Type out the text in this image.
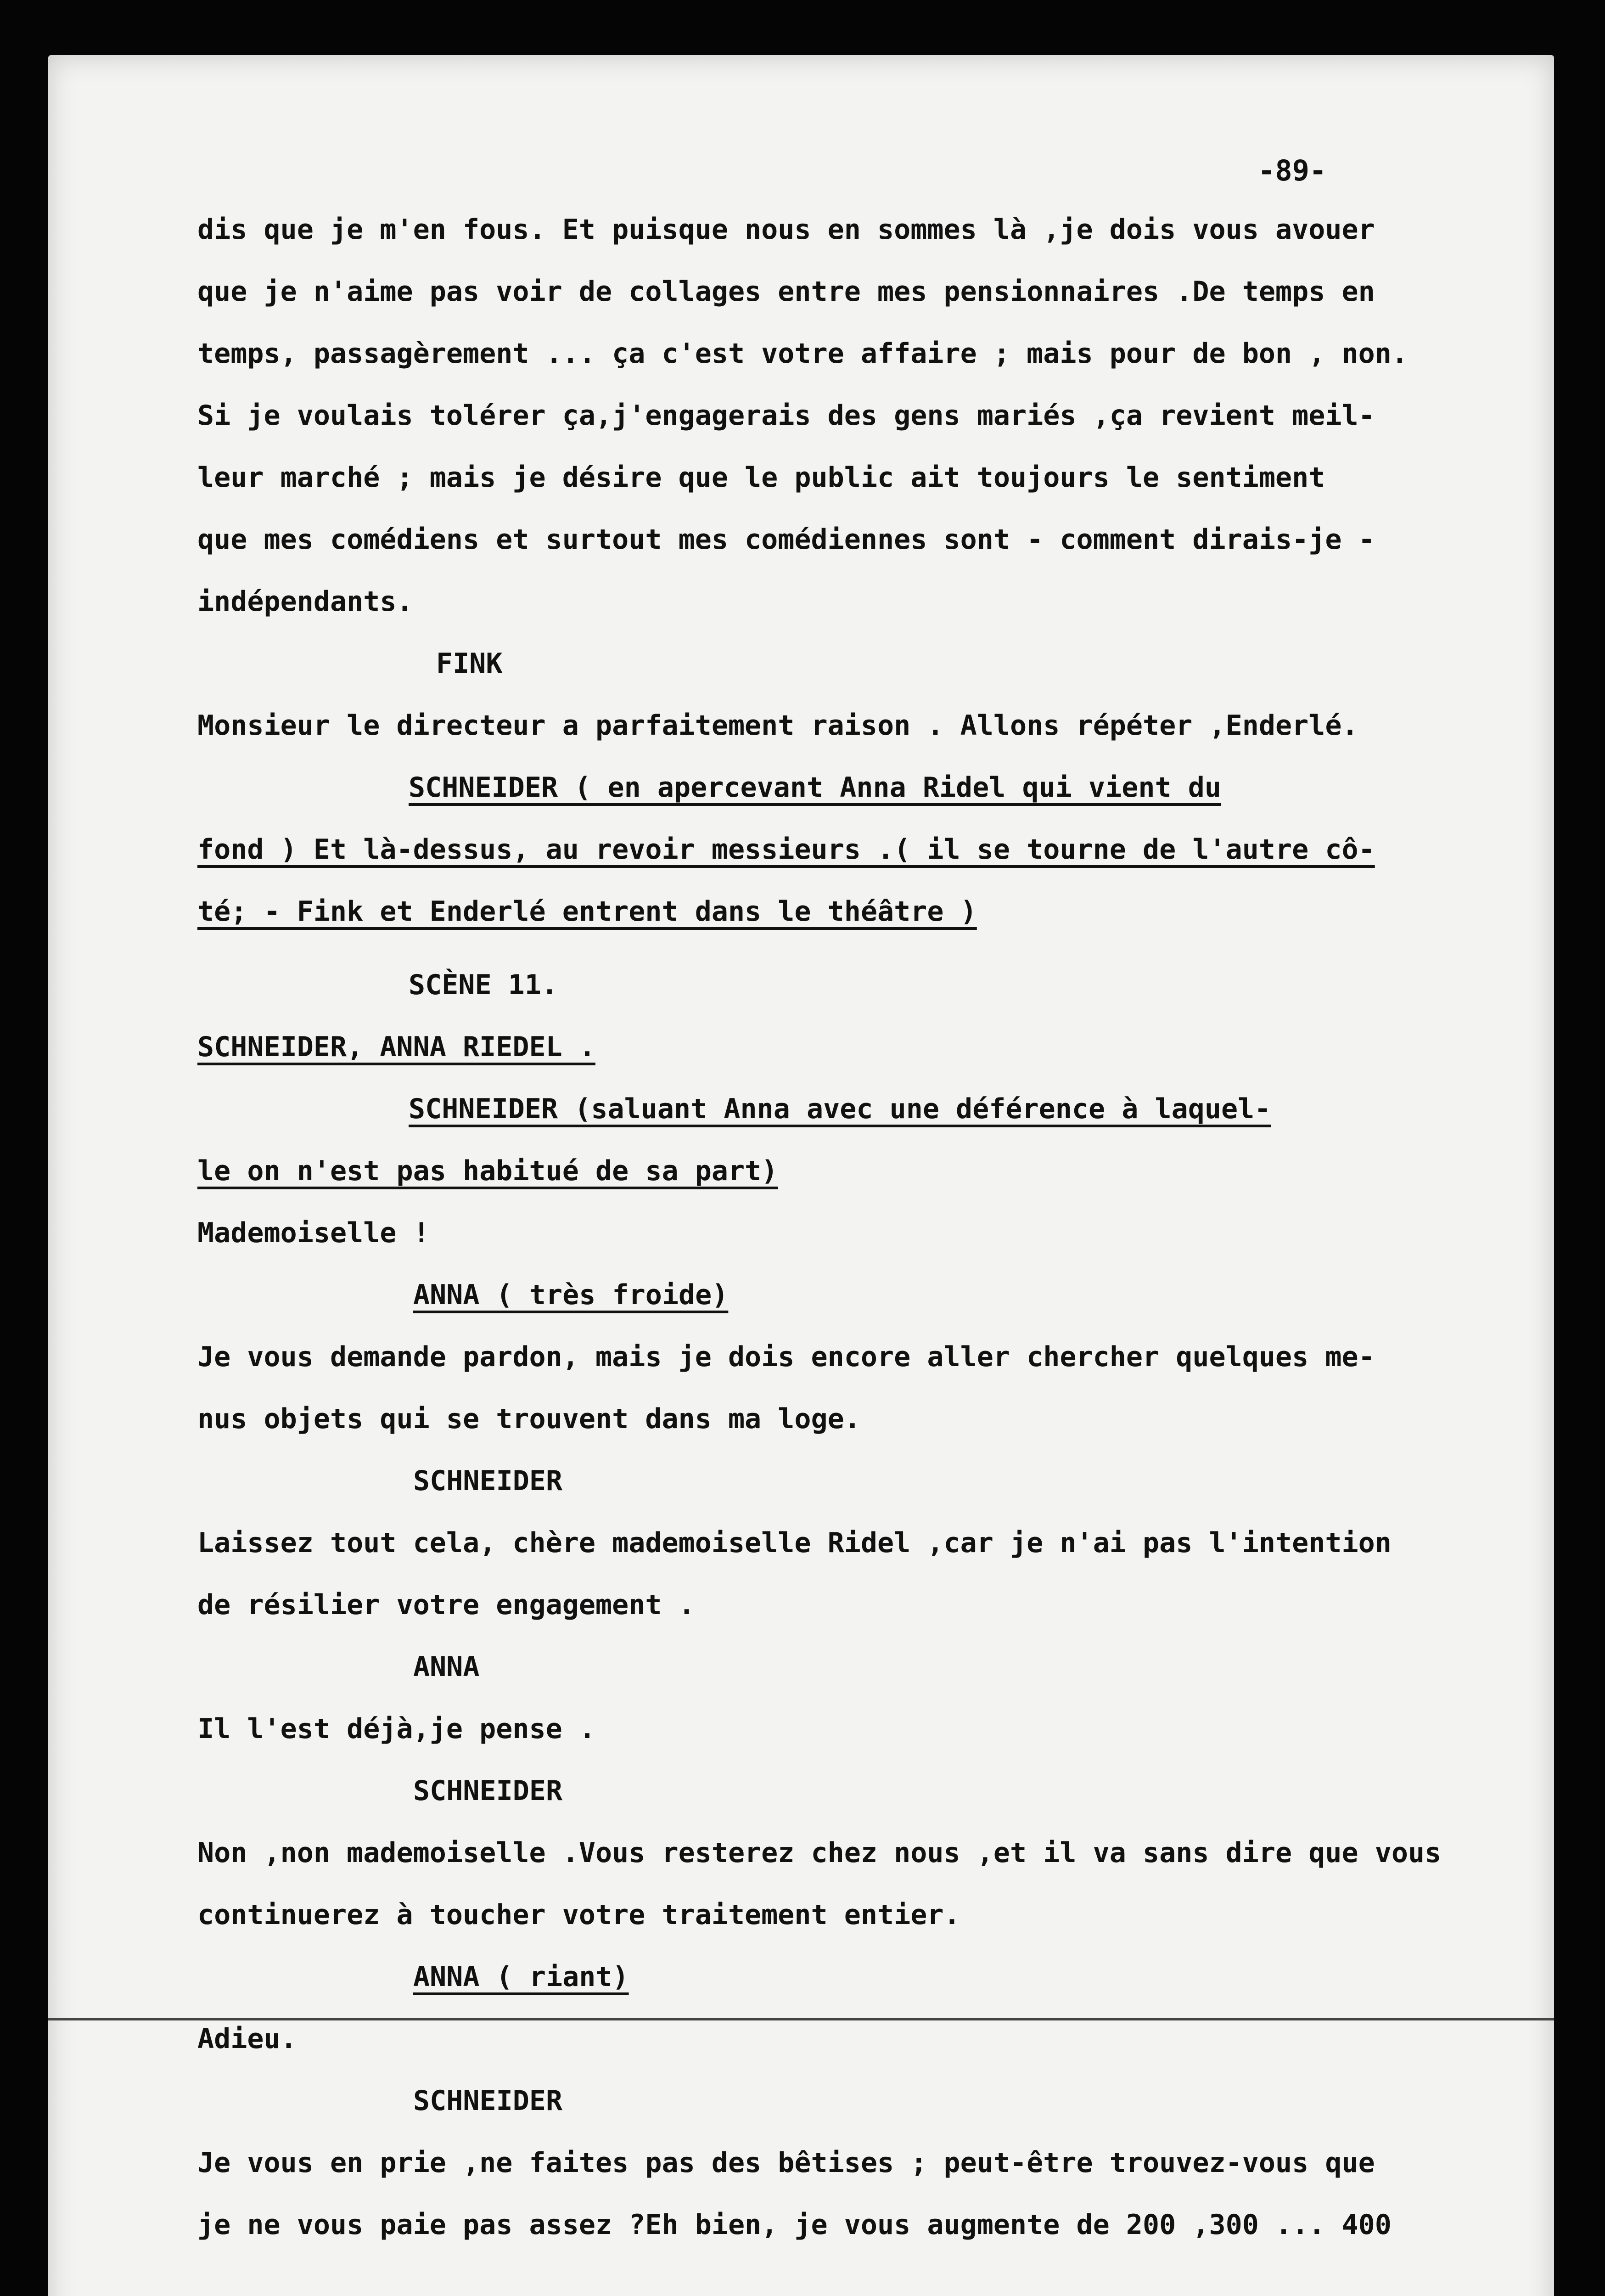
-89-
dis que je m'en fous. Et puisque nous en sommes là ,je dois vous avouer
que je n'aime pas voir de collages entre mes pensionnaires .De temps en
temps, passagèrement ... ça c'est votre affaire ; mais pour de bon , non.
Si je voulais tolérer ça,j'engagerais des gens mariés ,ça revient meil-
leur marché ; mais je désire que le public ait toujours le sentiment
que mes comédiens et surtout mes comédiennes sont - comment dirais-je -
indépendants.
FINK
Monsieur le directeur a parfaitement raison . Allons répéter ,Enderlé.
SCHNEIDER ( en apercevant Anna Ridel qui vient du
fond ) Et là-dessus, au revoir messieurs .( il se tourne de l'autre cô-
té; - Fink et Enderlé entrent dans le théâtre )
SCÈNE 11.
SCHNEIDER, ANNA RIEDEL .
SCHNEIDER (saluant Anna avec une déférence à laquel-
le on n'est pas habitué de sa part)
Mademoiselle !
ANNA ( très froide)
Je vous demande pardon, mais je dois encore aller chercher quelques me-
nus objets qui se trouvent dans ma loge.
SCHNEIDER
Laissez tout cela, chère mademoiselle Ridel ,car je n'ai pas l'intention
de résilier votre engagement .
ANNA
Il l'est déjà,je pense .
SCHNEIDER
Non ,non mademoiselle .Vous resterez chez nous ,et il va sans dire que vous
continuerez à toucher votre traitement entier.
ANNA ( riant)
Adieu.
SCHNEIDER
Je vous en prie ,ne faites pas des bêtises ; peut-être trouvez-vous que
je ne vous paie pas assez ?Eh bien, je vous augmente de 200 ,300 ... 400
